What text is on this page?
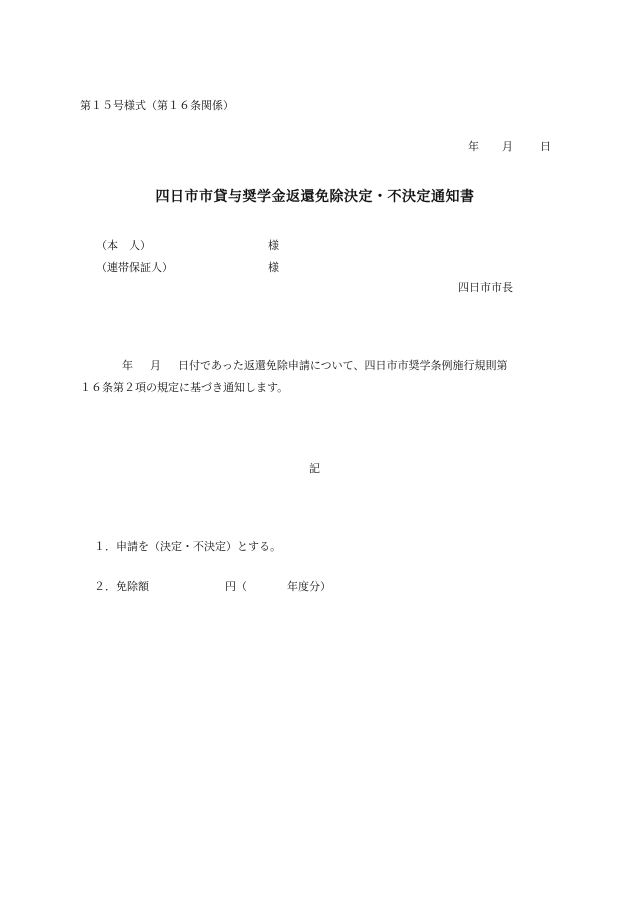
第１５号様式（第１６条関係）
年 月 日
四日市市貸与奨学金返還免除決定・不決定通知書
（本　人）	様
（連帯保証人）	様
四日市市長
年 月 日付であった返還免除申請について、四日市市奨学条例施行規則第
１６条第２項の規定に基づき通知します。
記
１．申請を（決定・不決定）とする。
２．免除額	円（	年度分）
